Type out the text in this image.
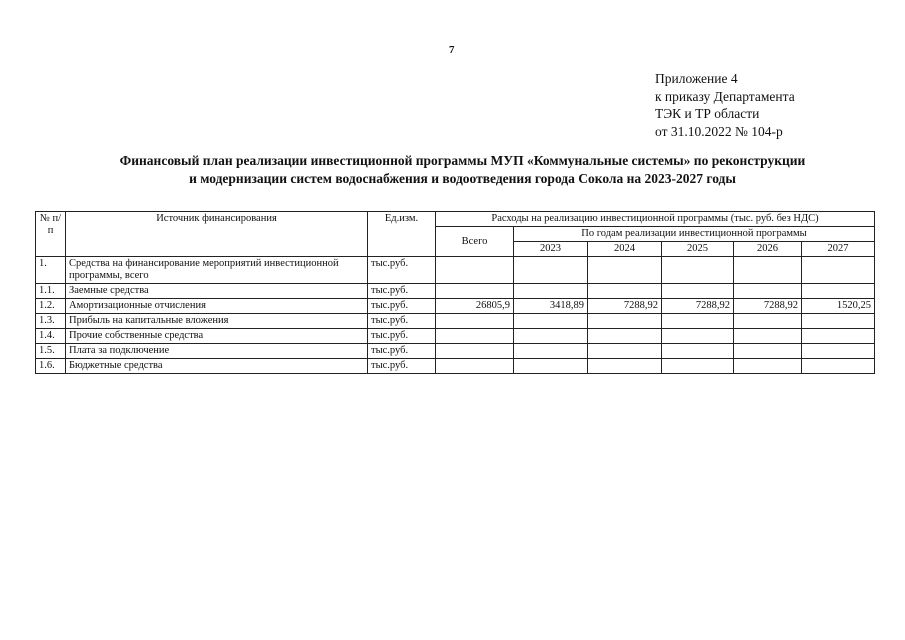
7
Приложение 4
к приказу Департамента
ТЭК и ТР области
от 31.10.2022 № 104-р
Финансовый план реализации инвестиционной программы МУП «Коммунальные системы» по реконструкции
и модернизации систем водоснабжения и водоотведения города Сокола на 2023-2027 годы
№ п/п	Источник финансирования	Ед.изм.	Расходы на реализацию инвестиционной программы (тыс. руб. без НДС)					
			Всего	По годам реализации инвестиционной программы				
				2023	2024	2025	2026	2027
1.	Средства на финансирование мероприятий инвестиционной программы, всего	тыс.руб.						
1.1.	Заемные средства	тыс.руб.						
1.2.	Амортизационные отчисления	тыс.руб.	26805,9	3418,89	7288,92	7288,92	7288,92	1520,25
1.3.	Прибыль на капитальные вложения	тыс.руб.						
1.4.	Прочие собственные средства	тыс.руб.						
1.5.	Плата за подключение	тыс.руб.						
1.6.	Бюджетные средства	тыс.руб.						
